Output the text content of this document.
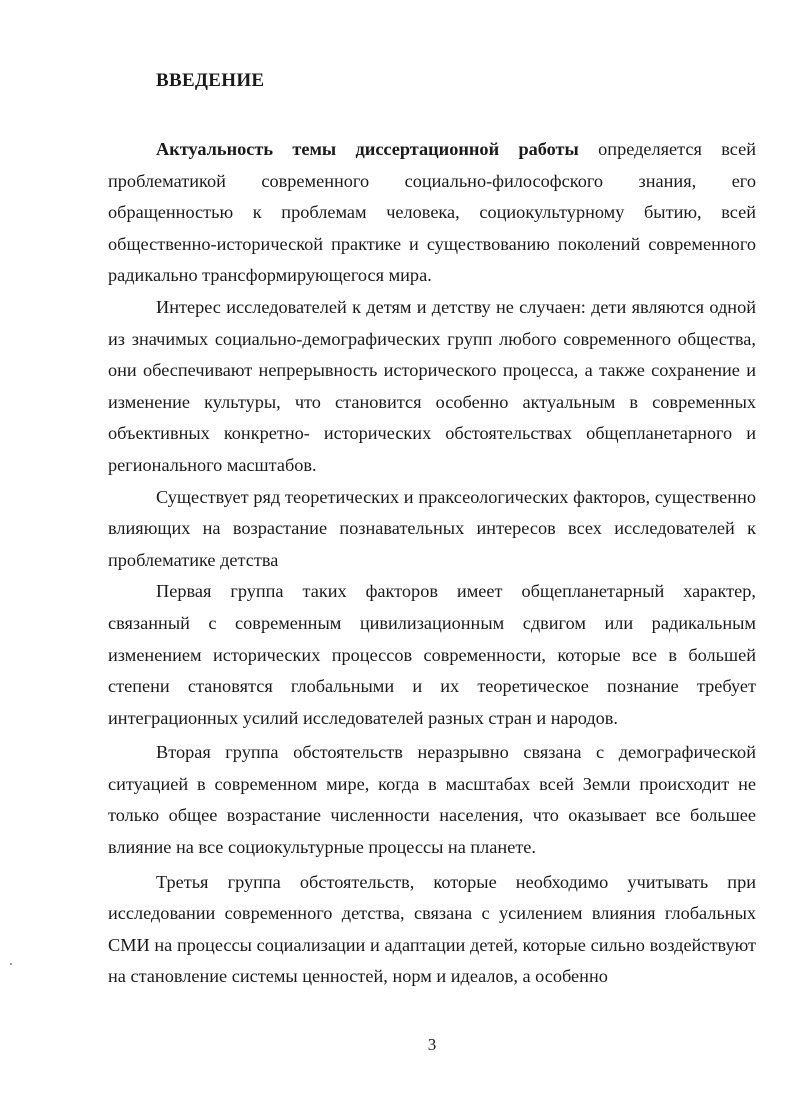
ВВЕДЕНИЕ

Актуальность темы диссертационной работы определяется всей проблематикой современного социально-философского знания, его обращенностью к проблемам человека, социокультурному бытию, всей общественно-исторической практике и существованию поколений современного радикально трансформирующегося мира.

Интерес исследователей к детям и детству не случаен: дети являются одной из значимых социально-демографических групп любого современного общества, они обеспечивают непрерывность исторического процесса, а также сохранение и изменение культуры, что становится особенно актуальным в современных объективных конкретно- исторических обстоятельствах общепланетарного и регионального масштабов.

Существует ряд теоретических и праксеологических факторов, существенно влияющих на возрастание познавательных интересов всех исследователей к проблематике детства

Первая группа таких факторов имеет общепланетарный характер, связанный с современным цивилизационным сдвигом или радикальным изменением исторических процессов современности, которые все в большей степени становятся глобальными и их теоретическое познание требует интеграционных усилий исследователей разных стран и народов.

Вторая группа обстоятельств неразрывно связана с демографической ситуацией в современном мире, когда в масштабах всей Земли происходит не только общее возрастание численности населения, что оказывает все большее влияние на все социокультурные процессы на планете.

Третья группа обстоятельств, которые необходимо учитывать при исследовании современного детства, связана с усилением влияния глобальных СМИ на процессы социализации и адаптации детей, которые сильно воздействуют на становление системы ценностей, норм и идеалов, а особенно

3
